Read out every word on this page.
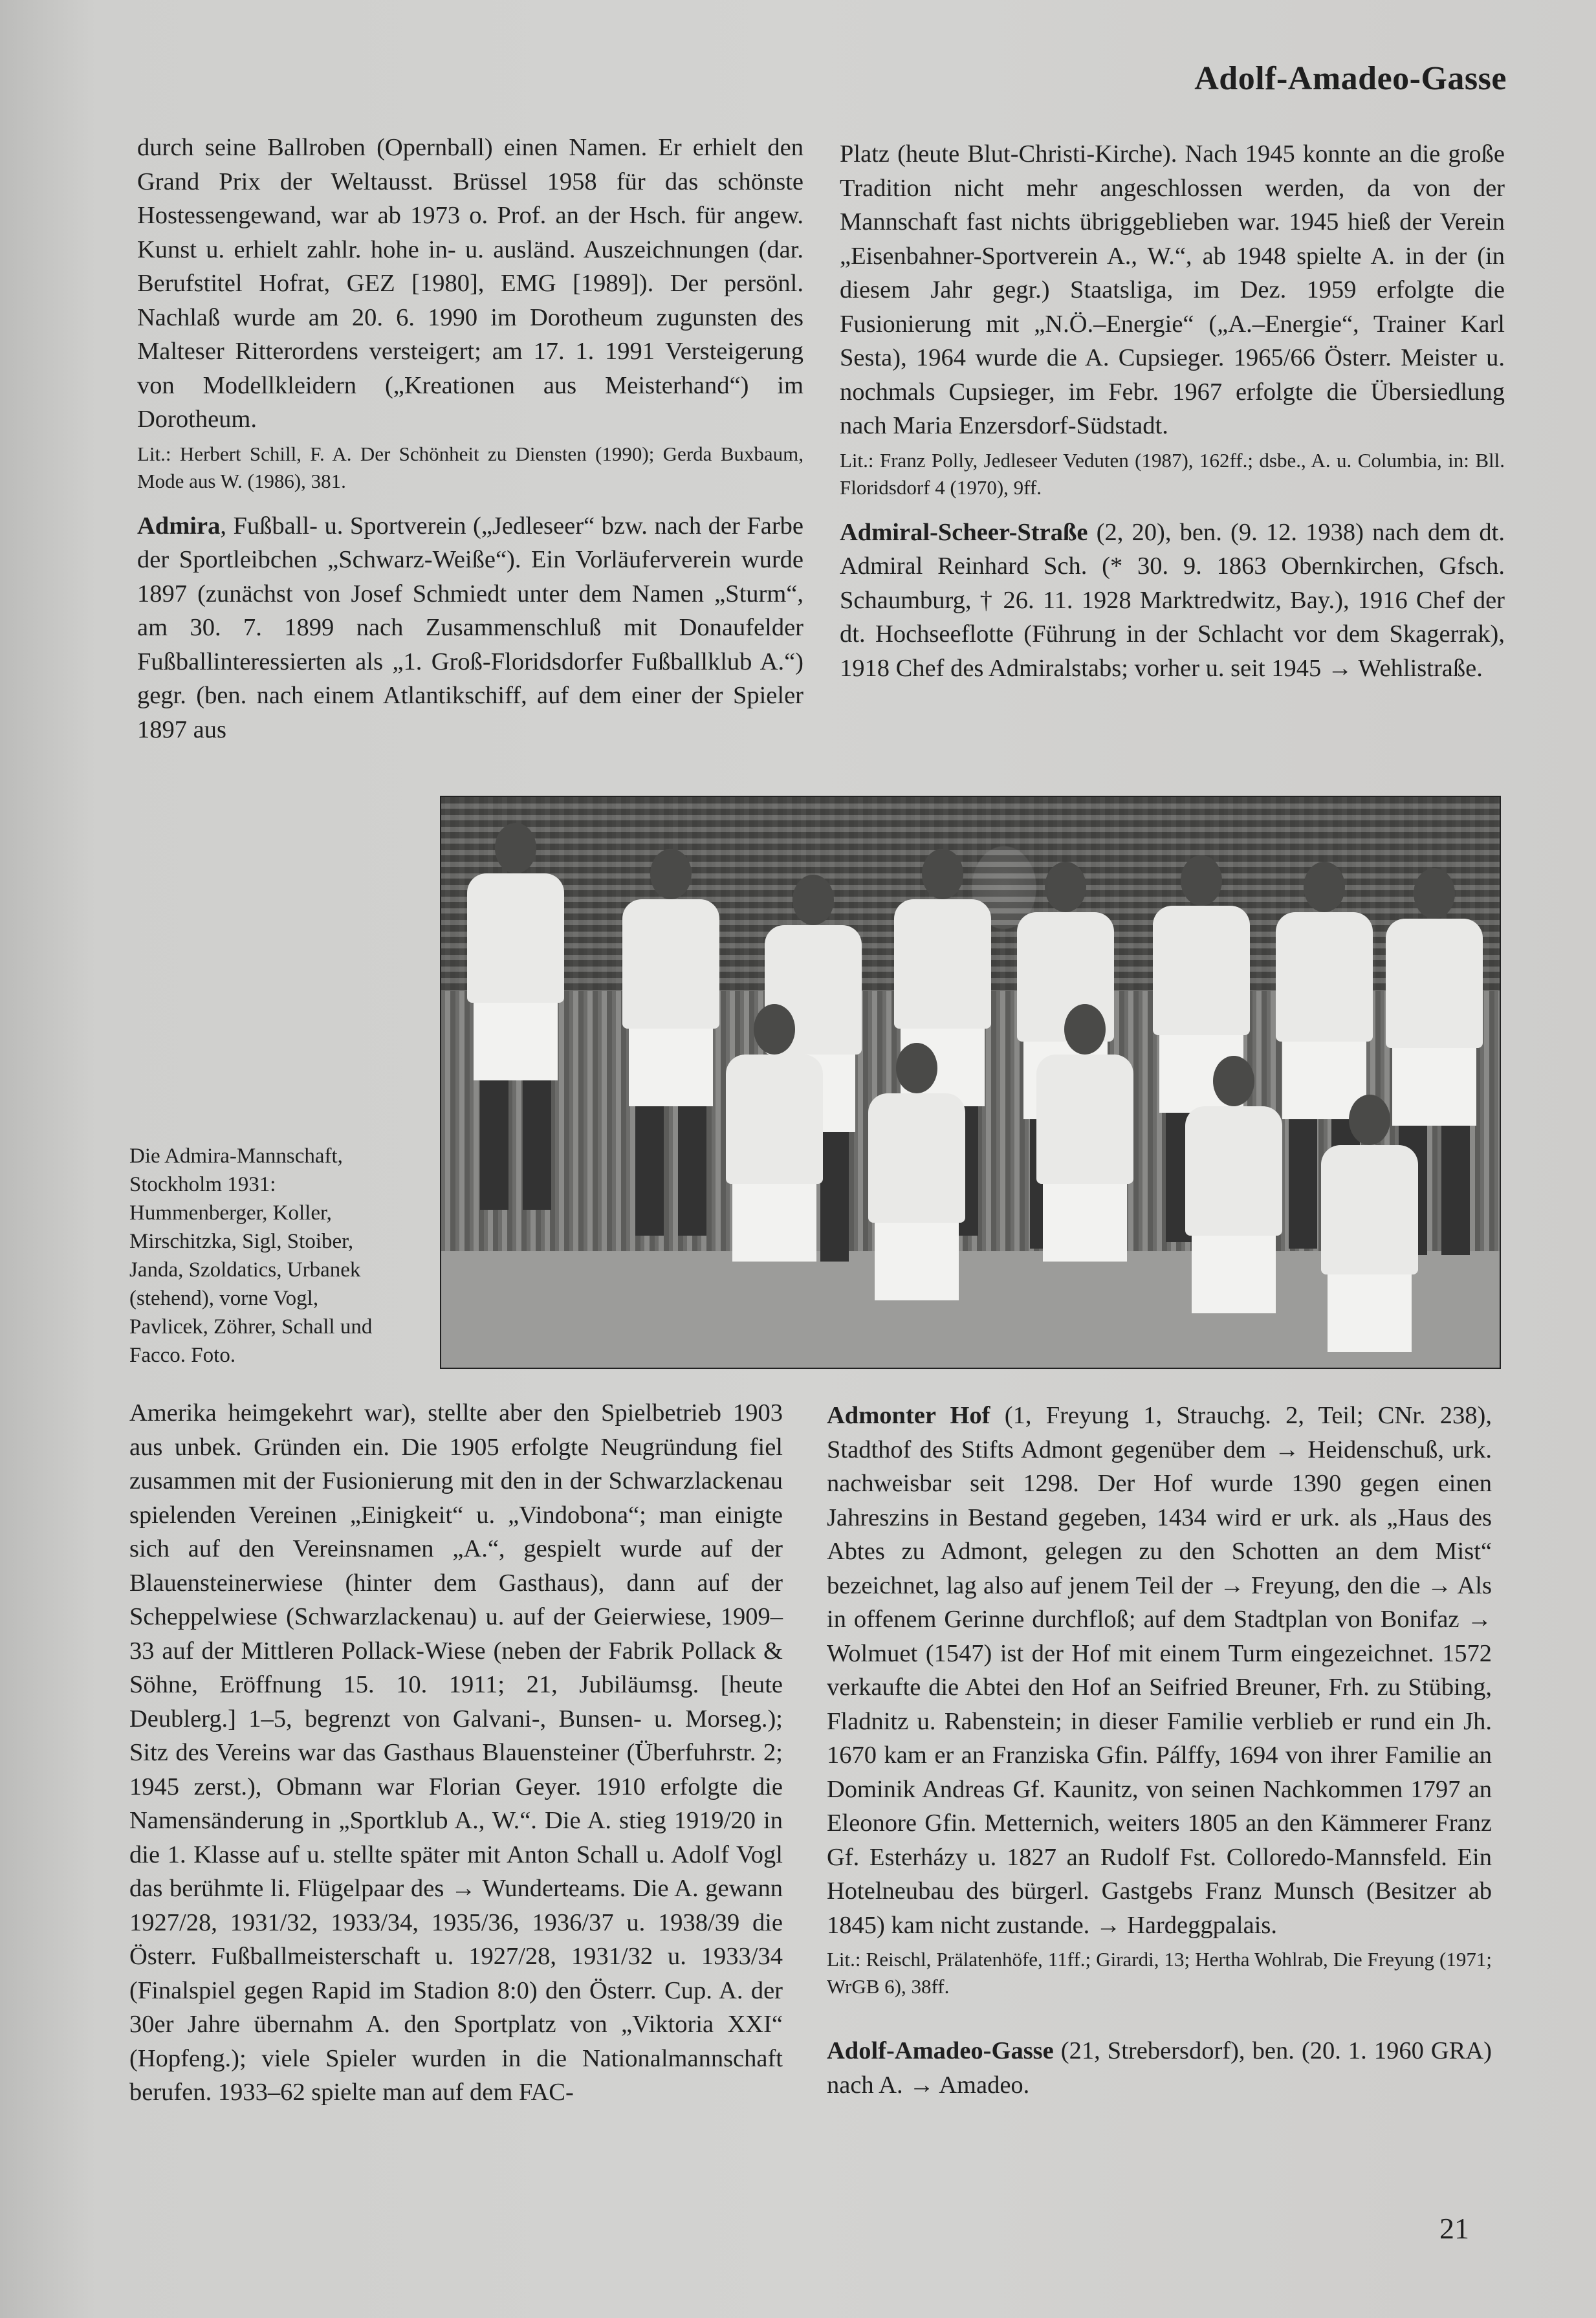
Adolf-Amadeo-Gasse

durch seine Ballroben (Opernball) einen Namen. Er erhielt den Grand Prix der Weltausst. Brüssel 1958 für das schönste Hostessengewand, war ab 1973 o. Prof. an der Hsch. für angew. Kunst u. erhielt zahlr. hohe in- u. ausländ. Auszeichnungen (dar. Berufstitel Hofrat, GEZ [1980], EMG [1989]). Der persönl. Nachlaß wurde am 20. 6. 1990 im Dorotheum zugunsten des Malteser Ritterordens versteigert; am 17. 1. 1991 Versteigerung von Modellkleidern („Kreationen aus Meisterhand“) im Dorotheum.

Lit.: Herbert Schill, F. A. Der Schönheit zu Diensten (1990); Gerda Buxbaum, Mode aus W. (1986), 381.

Admira, Fußball- u. Sportverein („Jedleseer“ bzw. nach der Farbe der Sportleibchen „Schwarz-Weiße“). Ein Vorläuferverein wurde 1897 (zunächst von Josef Schmiedt unter dem Namen „Sturm“, am 30. 7. 1899 nach Zusammenschluß mit Donaufelder Fußballinteressierten als „1. Groß-Floridsdorfer Fußballklub A.“) gegr. (ben. nach einem Atlantikschiff, auf dem einer der Spieler 1897 aus

Platz (heute Blut-Christi-Kirche). Nach 1945 konnte an die große Tradition nicht mehr angeschlossen werden, da von der Mannschaft fast nichts übriggeblieben war. 1945 hieß der Verein „Eisenbahner-Sportverein A., W.“, ab 1948 spielte A. in der (in diesem Jahr gegr.) Staatsliga, im Dez. 1959 erfolgte die Fusionierung mit „N.Ö.–Energie“ („A.–Energie“, Trainer Karl Sesta), 1964 wurde die A. Cupsieger. 1965/66 Österr. Meister u. nochmals Cupsieger, im Febr. 1967 erfolgte die Übersiedlung nach Maria Enzersdorf-Südstadt.

Lit.: Franz Polly, Jedleseer Veduten (1987), 162ff.; dsbe., A. u. Columbia, in: Bll. Floridsdorf 4 (1970), 9ff.

Admiral-Scheer-Straße (2, 20), ben. (9. 12. 1938) nach dem dt. Admiral Reinhard Sch. (* 30. 9. 1863 Obernkirchen, Gfsch. Schaumburg, † 26. 11. 1928 Marktredwitz, Bay.), 1916 Chef der dt. Hochseeflotte (Führung in der Schlacht vor dem Skagerrak), 1918 Chef des Admiralstabs; vorher u. seit 1945 → Wehlistraße.

Die Admira-Mannschaft, Stockholm 1931: Hummenberger, Koller, Mirschitzka, Sigl, Stoiber, Janda, Szoldatics, Urbanek (stehend), vorne Vogl, Pavlicek, Zöhrer, Schall und Facco. Foto.

Amerika heimgekehrt war), stellte aber den Spielbetrieb 1903 aus unbek. Gründen ein. Die 1905 erfolgte Neugründung fiel zusammen mit der Fusionierung mit den in der Schwarzlackenau spielenden Vereinen „Einigkeit“ u. „Vindobona“; man einigte sich auf den Vereinsnamen „A.“, gespielt wurde auf der Blauensteinerwiese (hinter dem Gasthaus), dann auf der Scheppelwiese (Schwarzlackenau) u. auf der Geierwiese, 1909–33 auf der Mittleren Pollack-Wiese (neben der Fabrik Pollack & Söhne, Eröffnung 15. 10. 1911; 21, Jubiläumsg. [heute Deublerg.] 1–5, begrenzt von Galvani-, Bunsen- u. Morseg.); Sitz des Vereins war das Gasthaus Blauensteiner (Überfuhrstr. 2; 1945 zerst.), Obmann war Florian Geyer. 1910 erfolgte die Namensänderung in „Sportklub A., W.“. Die A. stieg 1919/20 in die 1. Klasse auf u. stellte später mit Anton Schall u. Adolf Vogl das berühmte li. Flügelpaar des → Wunderteams. Die A. gewann 1927/28, 1931/32, 1933/34, 1935/36, 1936/37 u. 1938/39 die Österr. Fußballmeisterschaft u. 1927/28, 1931/32 u. 1933/34 (Finalspiel gegen Rapid im Stadion 8:0) den Österr. Cup. A. der 30er Jahre übernahm A. den Sportplatz von „Viktoria XXI“ (Hopfeng.); viele Spieler wurden in die Nationalmannschaft berufen. 1933–62 spielte man auf dem FAC-

Admonter Hof (1, Freyung 1, Strauchg. 2, Teil; CNr. 238), Stadthof des Stifts Admont gegenüber dem → Heidenschuß, urk. nachweisbar seit 1298. Der Hof wurde 1390 gegen einen Jahreszins in Bestand gegeben, 1434 wird er urk. als „Haus des Abtes zu Admont, gelegen zu den Schotten an dem Mist“ bezeichnet, lag also auf jenem Teil der → Freyung, den die → Als in offenem Gerinne durchfloß; auf dem Stadtplan von Bonifaz → Wolmuet (1547) ist der Hof mit einem Turm eingezeichnet. 1572 verkaufte die Abtei den Hof an Seifried Breuner, Frh. zu Stübing, Fladnitz u. Rabenstein; in dieser Familie verblieb er rund ein Jh. 1670 kam er an Franziska Gfin. Pálffy, 1694 von ihrer Familie an Dominik Andreas Gf. Kaunitz, von seinen Nachkommen 1797 an Eleonore Gfin. Metternich, weiters 1805 an den Kämmerer Franz Gf. Esterházy u. 1827 an Rudolf Fst. Colloredo-Mannsfeld. Ein Hotelneubau des bürgerl. Gastgebs Franz Munsch (Besitzer ab 1845) kam nicht zustande. → Hardeggpalais.

Lit.: Reischl, Prälatenhöfe, 11ff.; Girardi, 13; Hertha Wohlrab, Die Freyung (1971; WrGB 6), 38ff.

Adolf-Amadeo-Gasse (21, Strebersdorf), ben. (20. 1. 1960 GRA) nach A. → Amadeo.

21
